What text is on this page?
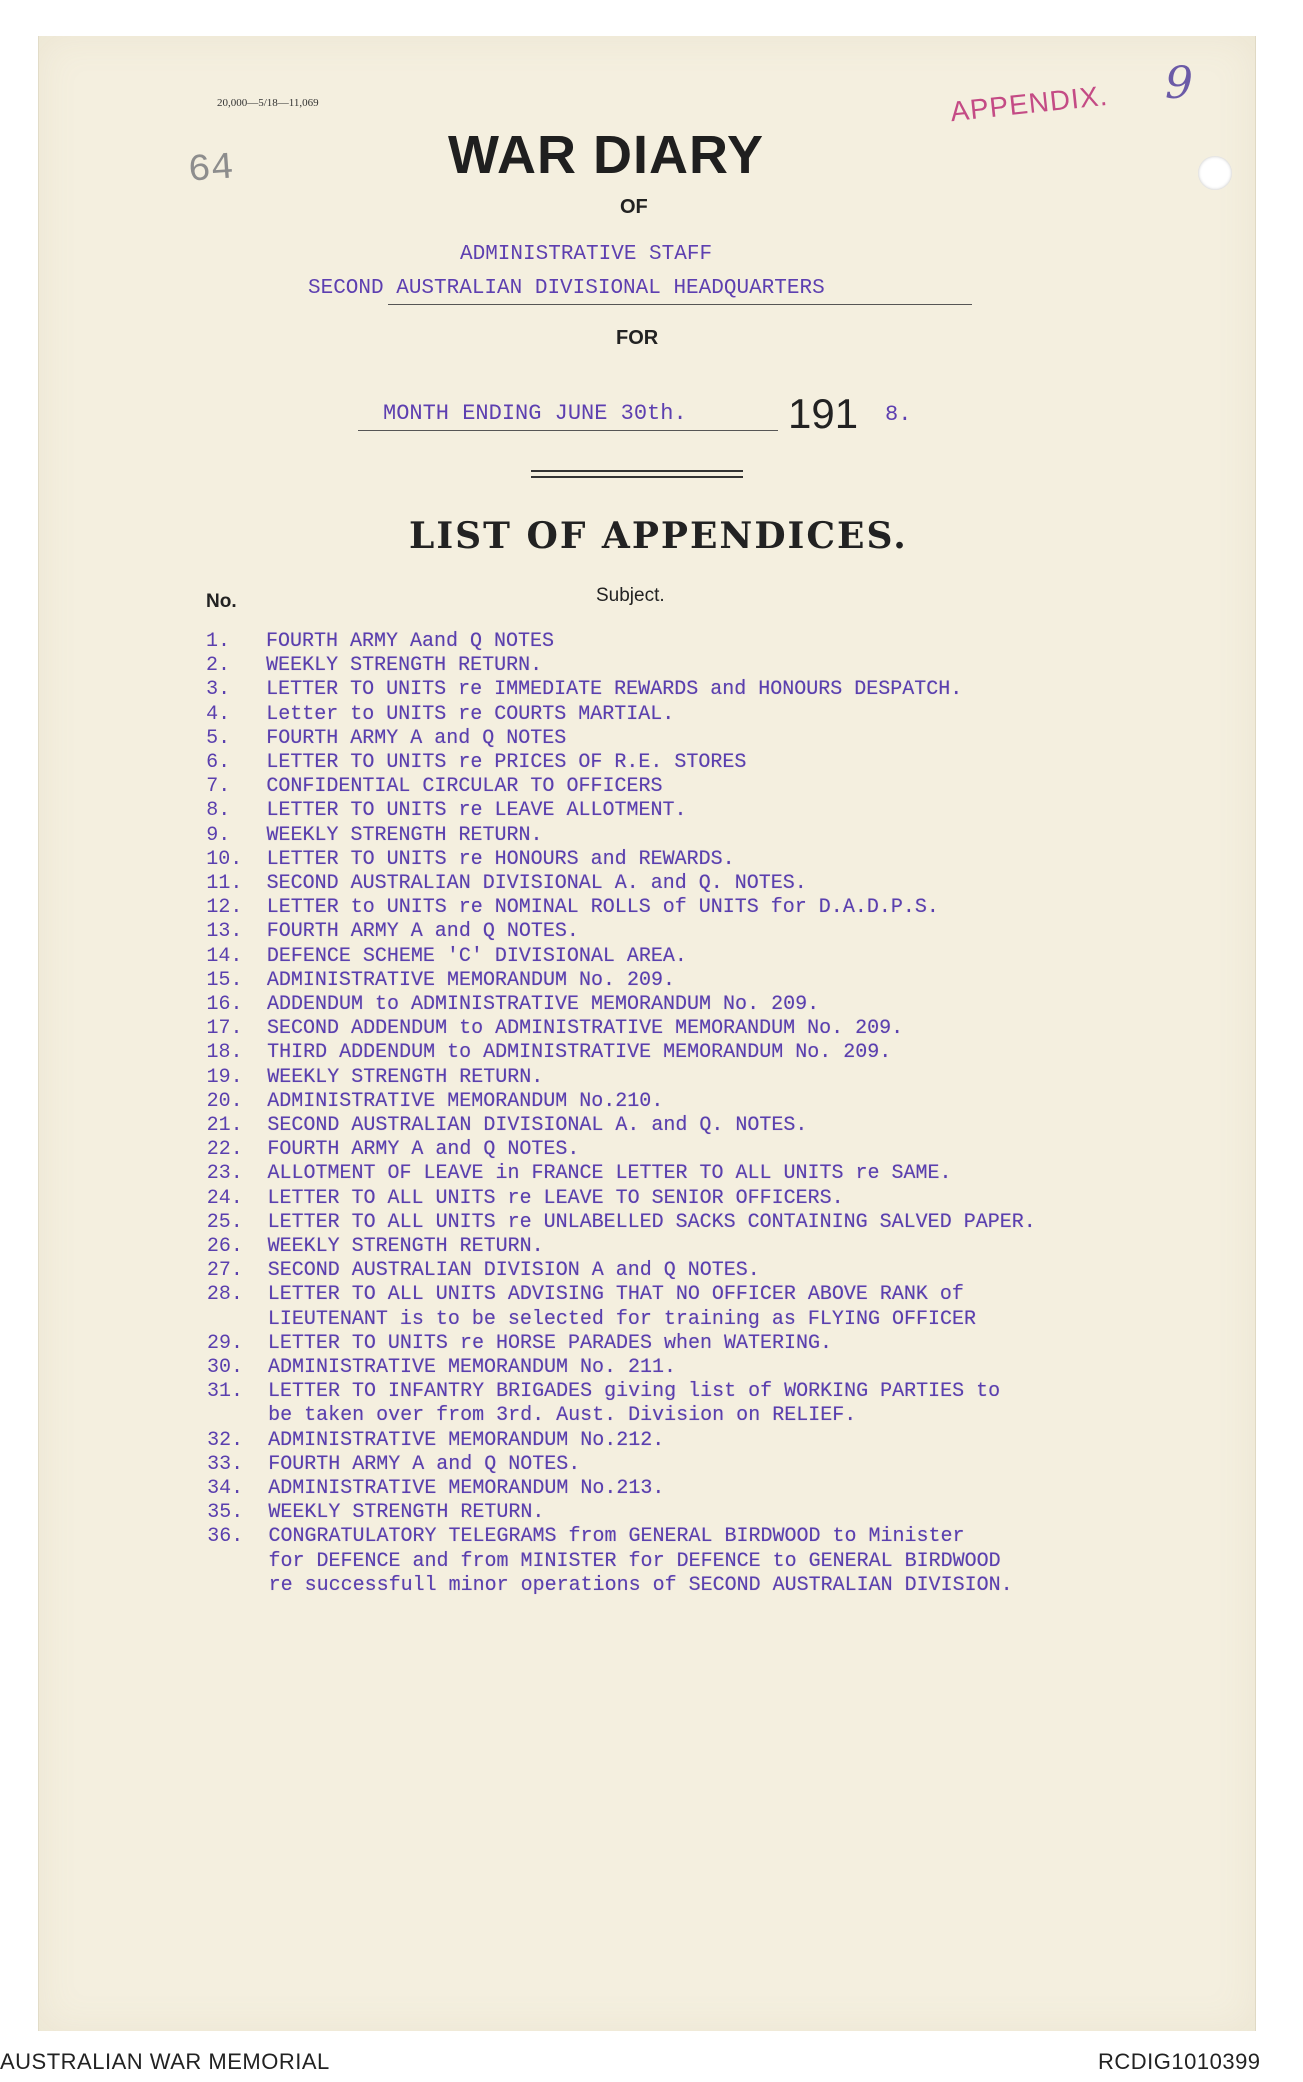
20,000—5/18—11,069
64
APPENDIX. 9
WAR DIARY
OF
ADMINISTRATIVE STAFF
SECOND AUSTRALIAN DIVISIONAL HEADQUARTERS
FOR
MONTH ENDING JUNE 30th. 191 8.
LIST OF APPENDICES.
No.	Subject.
1. FOURTH ARMY Aand Q NOTES
2. WEEKLY STRENGTH RETURN.
3. LETTER TO UNITS re IMMEDIATE REWARDS and HONOURS DESPATCH.
4. Letter to UNITS re COURTS MARTIAL.
5. FOURTH ARMY A and Q NOTES
6. LETTER TO UNITS re PRICES OF R.E. STORES
7. CONFIDENTIAL CIRCULAR TO OFFICERS
8. LETTER TO UNITS re LEAVE ALLOTMENT.
9. WEEKLY STRENGTH RETURN.
10. LETTER TO UNITS re HONOURS and REWARDS.
11. SECOND AUSTRALIAN DIVISIONAL A. and Q. NOTES.
12. LETTER to UNITS re NOMINAL ROLLS of UNITS for D.A.D.P.S.
13. FOURTH ARMY A and Q NOTES.
14. DEFENCE SCHEME 'C' DIVISIONAL AREA.
15. ADMINISTRATIVE MEMORANDUM No. 209.
16. ADDENDUM to ADMINISTRATIVE MEMORANDUM No. 209.
17. SECOND ADDENDUM to ADMINISTRATIVE MEMORANDUM No. 209.
18. THIRD ADDENDUM to ADMINISTRATIVE MEMORANDUM No. 209.
19. WEEKLY STRENGTH RETURN.
20. ADMINISTRATIVE MEMORANDUM No.210.
21. SECOND AUSTRALIAN DIVISIONAL A. and Q. NOTES.
22. FOURTH ARMY A and Q NOTES.
23. ALLOTMENT OF LEAVE in FRANCE LETTER TO ALL UNITS re SAME.
24. LETTER TO ALL UNITS re LEAVE TO SENIOR OFFICERS.
25. LETTER TO ALL UNITS re UNLABELLED SACKS CONTAINING SALVED PAPER.
26. WEEKLY STRENGTH RETURN.
27. SECOND AUSTRALIAN DIVISION A and Q NOTES.
28. LETTER TO ALL UNITS ADVISING THAT NO OFFICER ABOVE RANK of
LIEUTENANT is to be selected for training as FLYING OFFICER
29. LETTER TO UNITS re HORSE PARADES when WATERING.
30. ADMINISTRATIVE MEMORANDUM No. 211.
31. LETTER TO INFANTRY BRIGADES giving list of WORKING PARTIES to
be taken over from 3rd. Aust. Division on RELIEF.
32. ADMINISTRATIVE MEMORANDUM No.212.
33. FOURTH ARMY A and Q NOTES.
34. ADMINISTRATIVE MEMORANDUM No.213.
35. WEEKLY STRENGTH RETURN.
36. CONGRATULATORY TELEGRAMS from GENERAL BIRDWOOD to Minister
for DEFENCE and from MINISTER for DEFENCE to GENERAL BIRDWOOD
re successfull minor operations of SECOND AUSTRALIAN DIVISION.
AUSTRALIAN WAR MEMORIAL	RCDIG1010399
